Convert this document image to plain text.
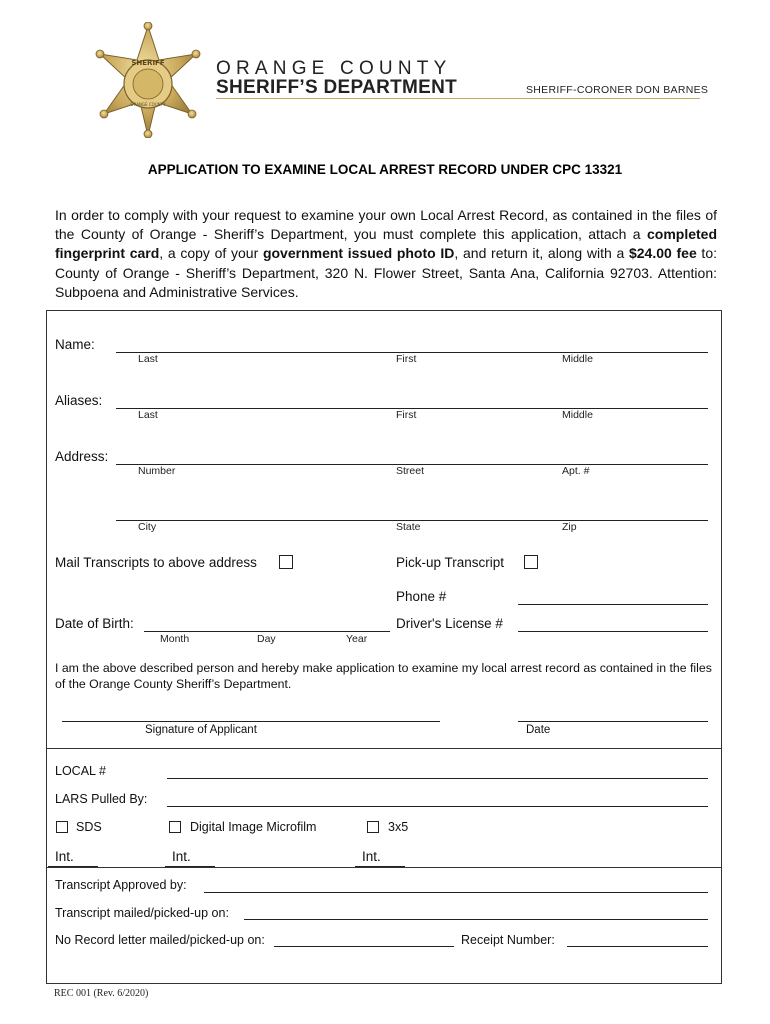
SHERIFF
ORANGE COUNTY
ORANGE COUNTY
SHERIFF’S DEPARTMENT	SHERIFF-CORONER DON BARNES
APPLICATION TO EXAMINE LOCAL ARREST RECORD UNDER CPC 13321
In order to comply with your request to examine your own Local Arrest Record, as contained in the files of the County of Orange - Sheriff’s Department, you must complete this application, attach a completed fingerprint card, a copy of your government issued photo ID, and return it, along with a $24.00 fee to: County of Orange - Sheriff’s Department, 320 N. Flower Street, Santa Ana, California 92703. Attention: Subpoena and Administrative Services.
Name:
Last	First	Middle
Aliases:
Last	First	Middle
Address:
Number	Street	Apt. #
City	State	Zip
Mail Transcripts to above address	Pick-up Transcript
Phone #
Date of Birth:
Month	Day	Year
Driver's License #
I am the above described person and hereby make application to examine my local arrest record as contained in the files of the Orange County Sheriff’s Department.
Signature of Applicant	Date
LOCAL #
LARS Pulled By:
SDS	Digital Image Microfilm	3x5
Int.	Int.	Int.
Transcript Approved by:
Transcript mailed/picked-up on:
No Record letter mailed/picked-up on:	Receipt Number:
REC 001 (Rev. 6/2020)
